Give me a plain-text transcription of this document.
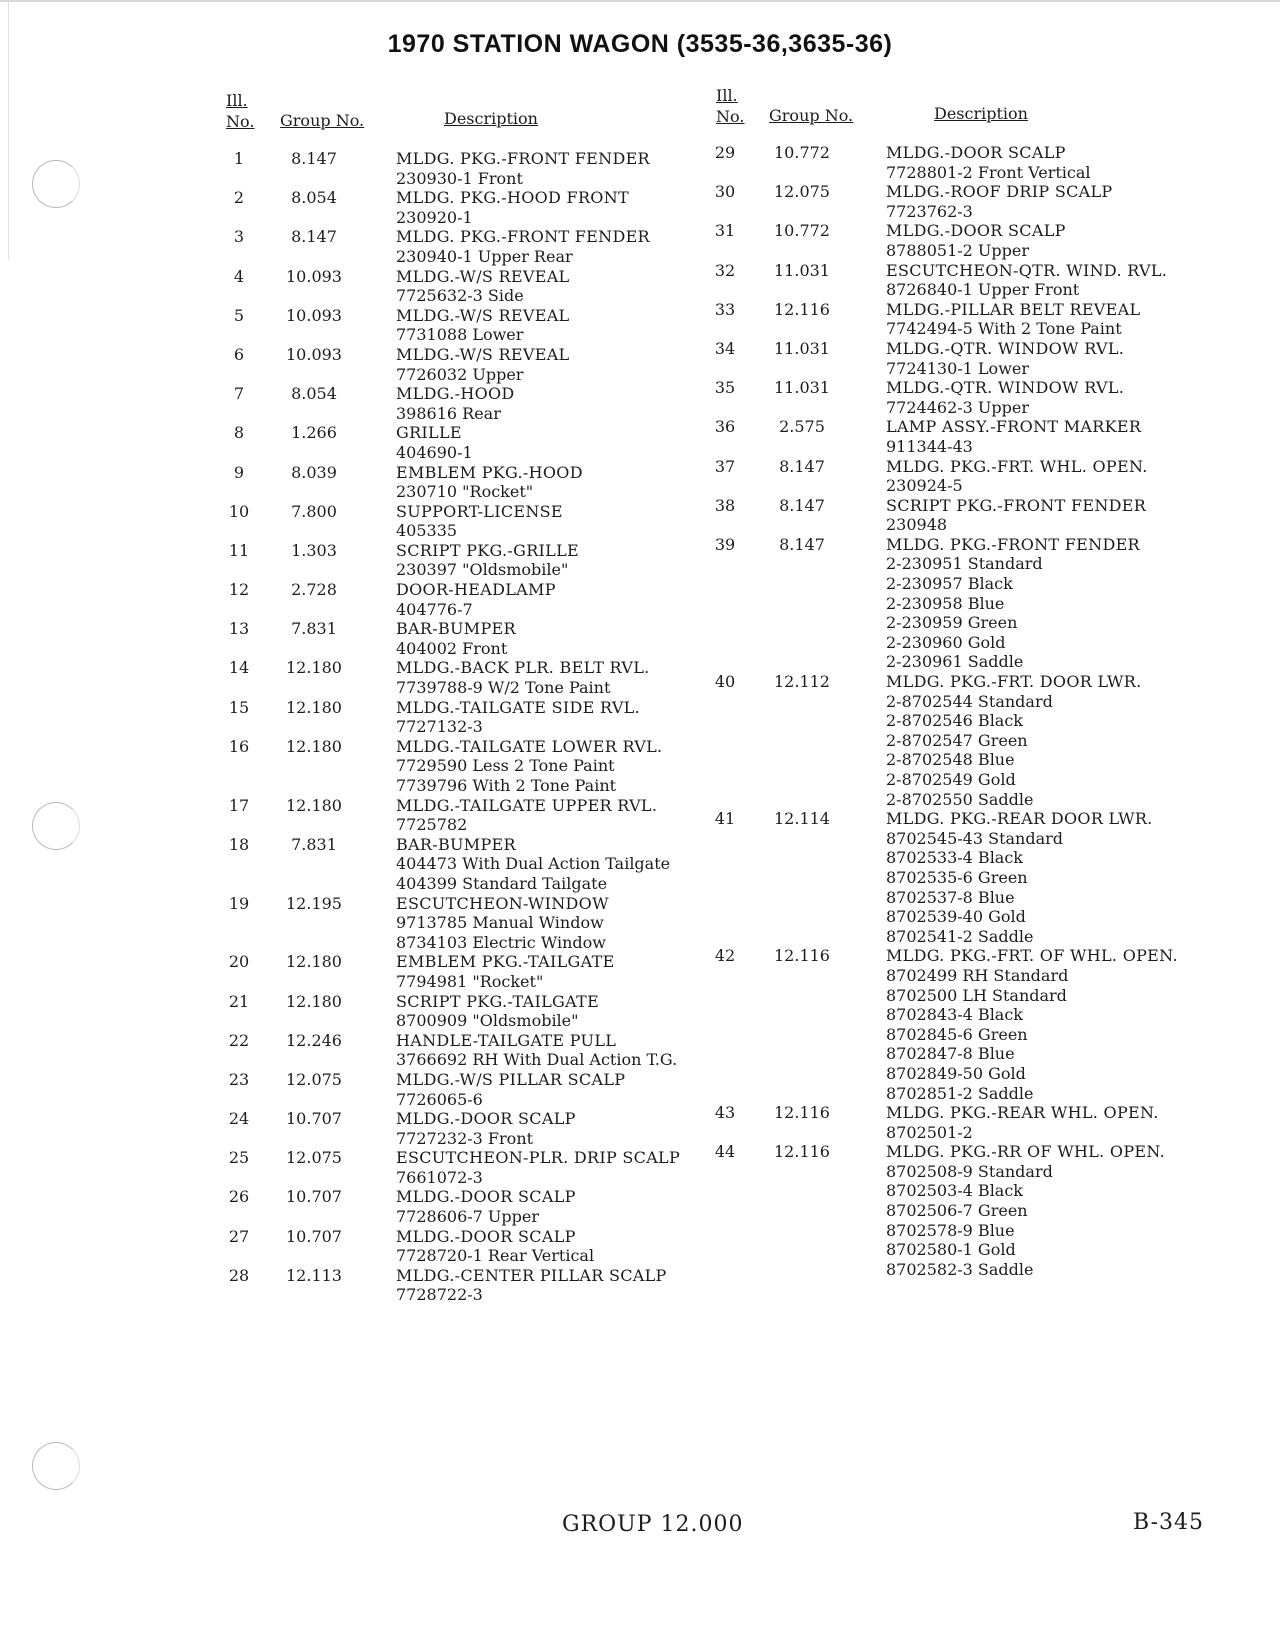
1970 STATION WAGON (3535-36,3635-36)
Ill.
No. Group No.	Description
1	8.147	MLDG. PKG.-FRONT FENDER
230930-1 Front
2	8.054	MLDG. PKG.-HOOD FRONT
230920-1
3	8.147	MLDG. PKG.-FRONT FENDER
230940-1 Upper Rear
4	10.093	MLDG.-W/S REVEAL
7725632-3 Side
5	10.093	MLDG.-W/S REVEAL
7731088 Lower
6	10.093	MLDG.-W/S REVEAL
7726032 Upper
7	8.054	MLDG.-HOOD
398616 Rear
8	1.266	GRILLE
404690-1
9	8.039	EMBLEM PKG.-HOOD
230710 "Rocket"
10	7.800	SUPPORT-LICENSE
405335
11	1.303	SCRIPT PKG.-GRILLE
230397 "Oldsmobile"
12	2.728	DOOR-HEADLAMP
404776-7
13	7.831	BAR-BUMPER
404002 Front
14 12.180	MLDG.-BACK PLR. BELT RVL.
7739788-9 W/2 Tone Paint
15 12.180	MLDG.-TAILGATE SIDE RVL.
7727132-3
16 12.180	MLDG.-TAILGATE LOWER RVL.
7729590 Less 2 Tone Paint
7739796 With 2 Tone Paint
17 12.180	MLDG.-TAILGATE UPPER RVL.
7725782
18	7.831	BAR-BUMPER
404473 With Dual Action Tailgate
404399 Standard Tailgate
19 12.195	ESCUTCHEON-WINDOW
9713785 Manual Window
8734103 Electric Window
20 12.180	EMBLEM PKG.-TAILGATE
7794981 "Rocket"
21 12.180	SCRIPT PKG.-TAILGATE
8700909 "Oldsmobile"
22 12.246	HANDLE-TAILGATE PULL
3766692 RH With Dual Action T.G.
23 12.075	MLDG.-W/S PILLAR SCALP
7726065-6
24 10.707	MLDG.-DOOR SCALP
7727232-3 Front
25 12.075	ESCUTCHEON-PLR. DRIP SCALP
7661072-3
26 10.707	MLDG.-DOOR SCALP
7728606-7 Upper
27 10.707	MLDG.-DOOR SCALP
7728720-1 Rear Vertical
28 12.113	MLDG.-CENTER PILLAR SCALP
7728722-3
Ill.
No. Group No.	Description
29	10.772	MLDG.-DOOR SCALP
7728801-2 Front Vertical
30	12.075	MLDG.-ROOF DRIP SCALP
7723762-3
31	10.772	MLDG.-DOOR SCALP
8788051-2 Upper
32	11.031	ESCUTCHEON-QTR. WIND. RVL.
8726840-1 Upper Front
33	12.116	MLDG.-PILLAR BELT REVEAL
7742494-5 With 2 Tone Paint
34	11.031	MLDG.-QTR. WINDOW RVL.
7724130-1 Lower
35	11.031	MLDG.-QTR. WINDOW RVL.
7724462-3 Upper
36	2.575	LAMP ASSY.-FRONT MARKER
911344-43
37	8.147	MLDG. PKG.-FRT. WHL. OPEN.
230924-5
38	8.147	SCRIPT PKG.-FRONT FENDER
230948
39	8.147	MLDG. PKG.-FRONT FENDER
2-230951 Standard
2-230957 Black
2-230958 Blue
2-230959 Green
2-230960 Gold
2-230961 Saddle
40	12.112	MLDG. PKG.-FRT. DOOR LWR.
2-8702544 Standard
2-8702546 Black
2-8702547 Green
2-8702548 Blue
2-8702549 Gold
2-8702550 Saddle
41	12.114	MLDG. PKG.-REAR DOOR LWR.
8702545-43 Standard
8702533-4 Black
8702535-6 Green
8702537-8 Blue
8702539-40 Gold
8702541-2 Saddle
42	12.116	MLDG. PKG.-FRT. OF WHL. OPEN.
8702499 RH Standard
8702500 LH Standard
8702843-4 Black
8702845-6 Green
8702847-8 Blue
8702849-50 Gold
8702851-2 Saddle
43	12.116	MLDG. PKG.-REAR WHL. OPEN.
8702501-2
44	12.116	MLDG. PKG.-RR OF WHL. OPEN.
8702508-9 Standard
8702503-4 Black
8702506-7 Green
8702578-9 Blue
8702580-1 Gold
8702582-3 Saddle
GROUP 12.000	B-345
